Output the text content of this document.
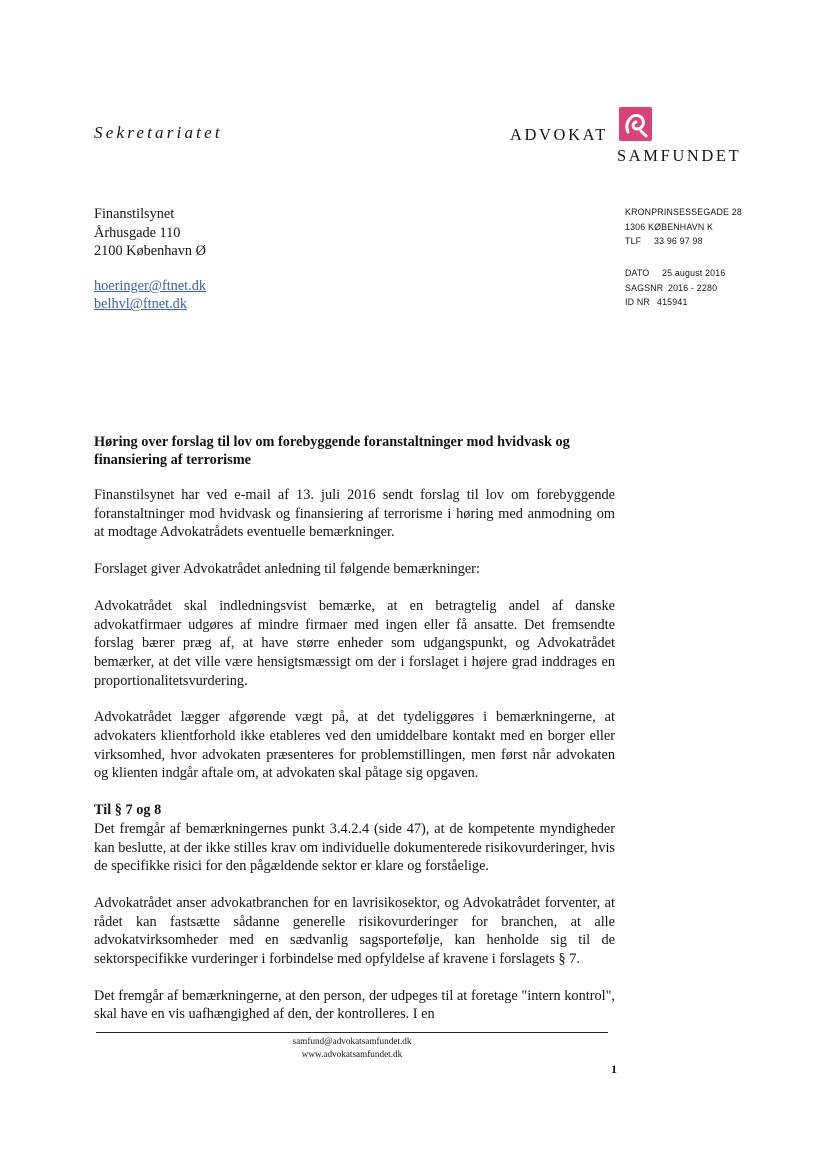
Sekretariatet	ADVOKAT
SAMFUNDET
Finanstilsynet
Århusgade 110
2100 København Ø
hoeringer@ftnet.dk
belhvl@ftnet.dk
KRONPRINSESSEGADE 28
1306 KØBENHAVN K
TLF 33 96 97 98
DATO 25 august 2016
SAGSNR 2016 - 2280
ID NR 415941
Høring over forslag til lov om forebyggende foranstaltninger mod hvidvask og finansiering af terrorisme

Finanstilsynet har ved e-mail af 13. juli 2016 sendt forslag til lov om forebyggende foranstaltninger mod hvidvask og finansiering af terrorisme i høring med anmodning om at modtage Advokatrådets eventuelle bemærkninger.

Forslaget giver Advokatrådet anledning til følgende bemærkninger:

Advokatrådet skal indledningsvist bemærke, at en betragtelig andel af danske advokatfirmaer udgøres af mindre firmaer med ingen eller få ansatte. Det fremsendte forslag bærer præg af, at have større enheder som udgangspunkt, og Advokatrådet bemærker, at det ville være hensigtsmæssigt om der i forslaget i højere grad inddrages en proportionalitetsvurdering.

Advokatrådet lægger afgørende vægt på, at det tydeliggøres i bemærkningerne, at advokaters klientforhold ikke etableres ved den umiddelbare kontakt med en borger eller virksomhed, hvor advokaten præsenteres for problemstillingen, men først når advokaten og klienten indgår aftale om, at advokaten skal påtage sig opgaven.

Til § 7 og 8
Det fremgår af bemærkningernes punkt 3.4.2.4 (side 47), at de kompetente myndigheder kan beslutte, at der ikke stilles krav om individuelle dokumenterede risikovurderinger, hvis de specifikke risici for den pågældende sektor er klare og forståelige.

Advokatrådet anser advokatbranchen for en lavrisikosektor, og Advokatrådet forventer, at rådet kan fastsætte sådanne generelle risikovurderinger for branchen, at alle advokatvirksomheder med en sædvanlig sagsportefølje, kan henholde sig til de sektorspecifikke vurderinger i forbindelse med opfyldelse af kravene i forslagets § 7.

Det fremgår af bemærkningerne, at den person, der udpeges til at foretage "intern kontrol", skal have en vis uafhængighed af den, der kontrolleres. I en

samfund@advokatsamfundet.dk
www.advokatsamfundet.dk
1
